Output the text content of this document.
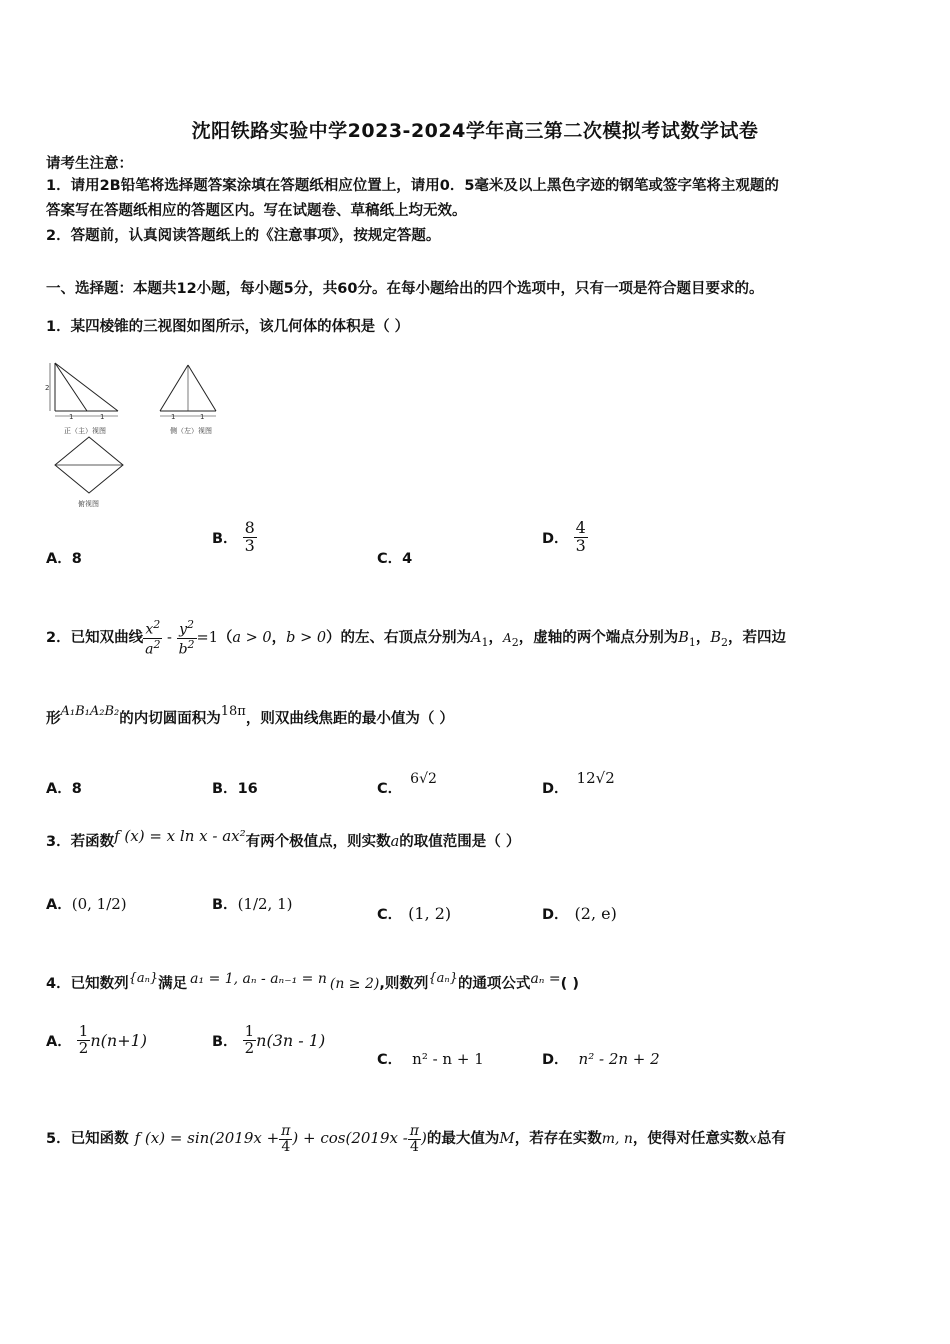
沈阳铁路实验中学2023-2024学年高三第二次模拟考试数学试卷
请考生注意：
1．请用2B铅笔将选择题答案涂填在答题纸相应位置上，请用0．5毫米及以上黑色字迹的钢笔或签字笔将主观题的
答案写在答题纸相应的答题区内。写在试题卷、草稿纸上均无效。
2．答题前，认真阅读答题纸上的《注意事项》，按规定答题。
一、选择题：本题共12小题，每小题5分，共60分。在每小题给出的四个选项中，只有一项是符合题目要求的。
1．某四棱锥的三视图如图所示，该几何体的体积是（ ）
2
1	1
正（主）视图
1	1
侧（左）视图
俯视图
A．8
B． $\frac{8}{3}$
C．4
D． $\frac{4}{3}$
2．已知双曲线 $\frac{x^2}{a^2} - \frac{y^2}{b^2} =1(a > 0$，b > 0）的左、右顶点分别为$A_1$，$A_2$，虚轴的两个端点分别为$B_1$，$B_2$，若四边
形A₁B₁A₂B₂的内切圆面积为18π，则双曲线焦距的最小值为（ ）
A．8	B．16	C．6√2
D．12√2
3．若函数f (x) = x ln x - ax²有两个极值点，则实数a的取值范围是（ ）
A．(0, 1/2)	B．(1/2, 1)
C． (1, 2)	D． (2, e)
4．已知数列{aₙ}满足 a₁ = 1, aₙ - aₙ₋₁ = n (n ≥ 2),则数列{aₙ}的通项公式aₙ =( )
A． $\frac{1}{2} n(n+1)$	B． $\frac{1}{2} n(3n - 1)$
C． n² - n + 1	D． n² - 2n + 2
5．已知函数 f $(x) = \sin(2019x + \frac{\pi}{4}$ ) + $\cos(2019x - \frac{\pi}{4}$ )的最大值为M，若存在实数m, n，使得对任意实数x总有
